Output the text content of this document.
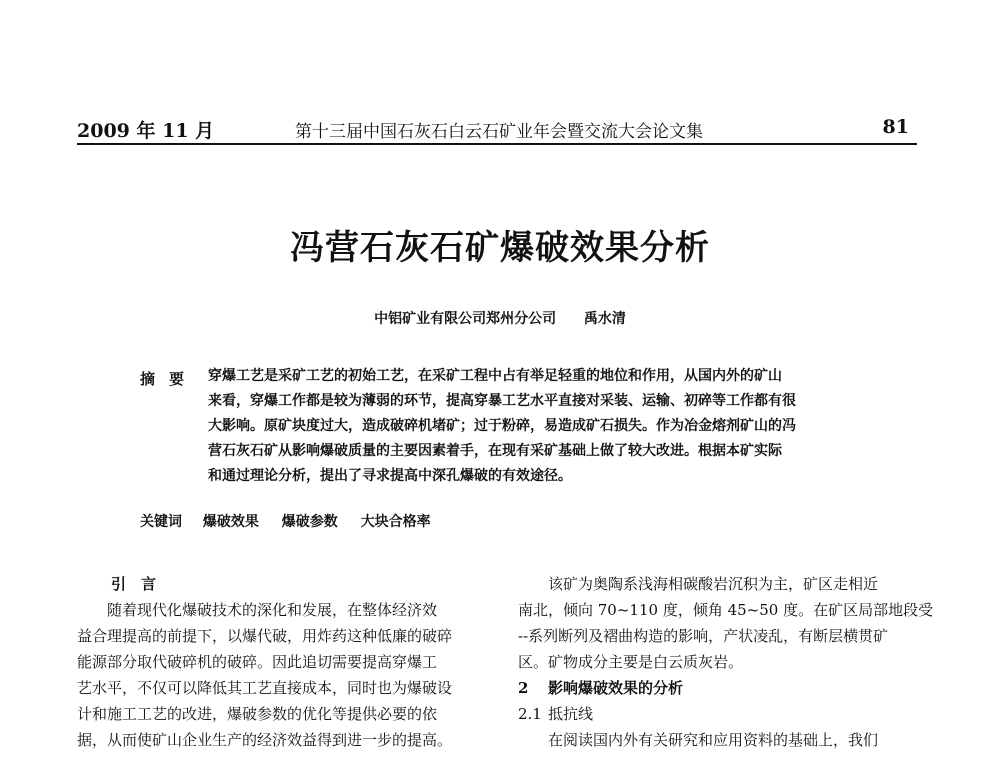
2009 年 11 月	第十三届中国石灰石白云石矿业年会暨交流大会论文集	81
冯营石灰石矿爆破效果分析
中铝矿业有限公司郑州分公司 禹水清
摘要 穿爆工艺是采矿工艺的初始工艺，在采矿工程中占有举足轻重的地位和作用，从国内外的矿山
来看，穿爆工作都是较为薄弱的环节，提高穿暴工艺水平直接对采装、运输、初碎等工作都有很
大影响。原矿块度过大，造成破碎机堵矿；过于粉碎，易造成矿石损失。作为冶金熔剂矿山的冯
营石灰石矿从影响爆破质量的主要因素着手，在现有采矿基础上做了较大改进。根据本矿实际
和通过理论分析，提出了寻求提高中深孔爆破的有效途径。
关键词 爆破效果 爆破参数 大块合格率
引　言
随着现代化爆破技术的深化和发展，在整体经济效
益合理提高的前提下，以爆代破，用炸药这种低廉的破碎
能源部分取代破碎机的破碎。因此追切需要提高穿爆工
艺水平，不仅可以降低其工艺直接成本，同时也为爆破设
计和施工工艺的改进，爆破参数的优化等提供必要的依
据，从而使矿山企业生产的经济效益得到进一步的提高。
该矿为奥陶系浅海相碳酸岩沉积为主，矿区走相近
南北，倾向 70~110 度，倾角 45~50 度。在矿区局部地段受
--系列断列及褶曲构造的影响，产状凌乱，有断层横贯矿
区。矿物成分主要是白云质灰岩。
2 影响爆破效果的分析
2.1 抵抗线
在阅读国内外有关研究和应用资料的基础上，我们
